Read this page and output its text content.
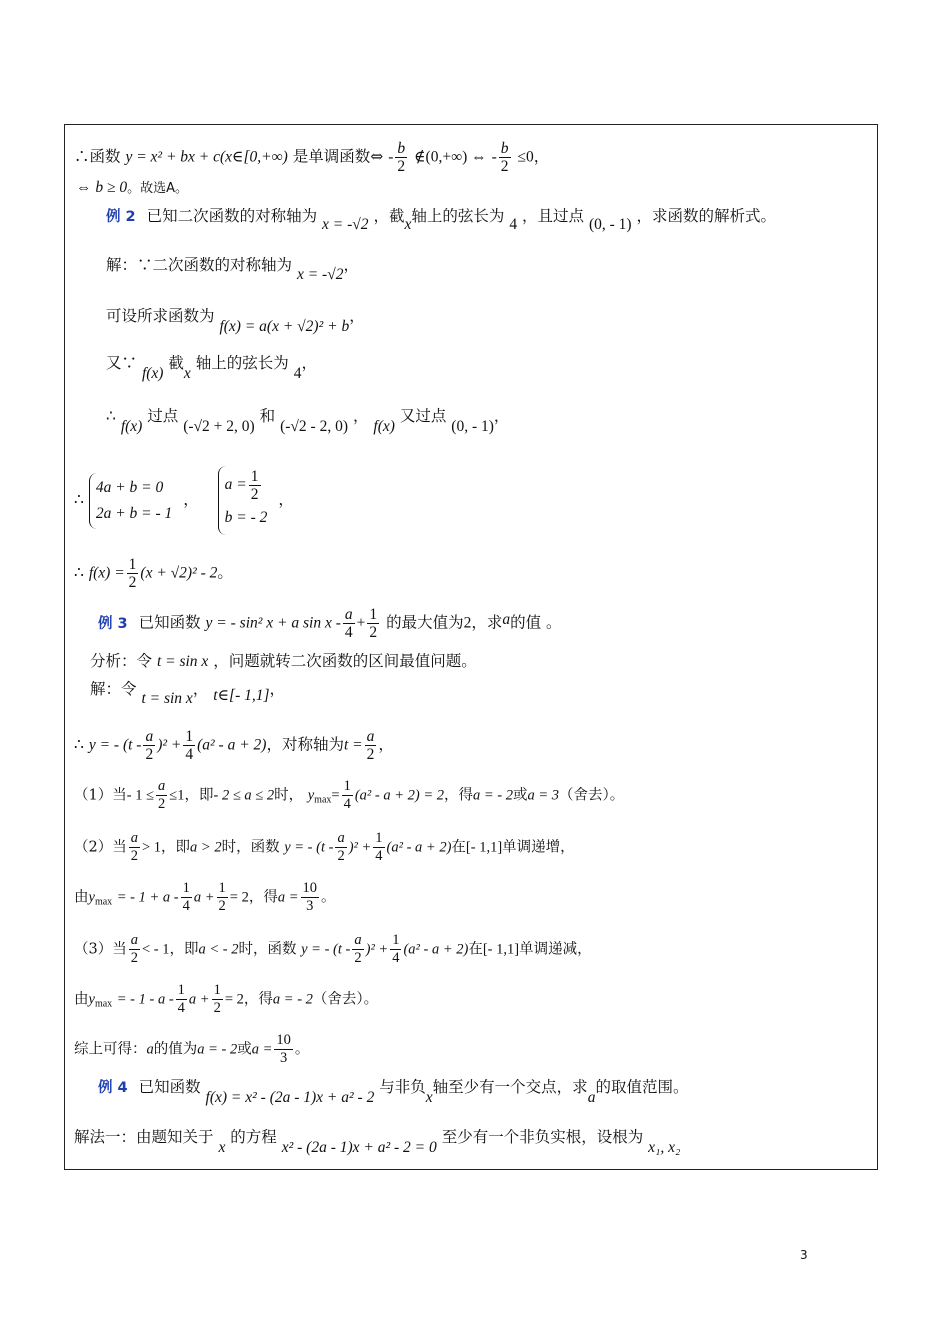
∴函数 y = x² + bx + c(x∈[0,+∞) 是单调函数⇔ - $\frac{b}{2}$ ∉(0,+∞) ⇔ - $\frac{b}{2} \le 0$，
⇔ b ≥ 0。故选A。
例 2 已知二次函数的对称轴为 x = -√2 ，截x轴上的弦长为 4 ，且过点 (0, - 1) ，求函数的解析式。
解：∵二次函数的对称轴为 x = -√2，
可设所求函数为 f(x) = a(x + √2)² + b，
又∵ f(x) 截x 轴上的弦长为 4，
∴ f(x) 过点 (-√2 + 2, 0) 和 (-√2 - 2, 0) ， f(x) 又过点 (0, - 1)，
∴
4a + b = 0
2a + b = - 1
，
$a = \frac{1}{2}$
b = - 2
，
∴ $f(x) = \frac{1}{2} (x + √2)^2 - 2$。
例 3 已知函数 y = - sin² x + a $\sin x - \frac{a}{4} + \frac{1}{2}$ 的最大值为2，求a的值 。
分析：令 t = sin x ，问题就转二次函数的区间最值问题。
解：令 t = sin x， t∈[- 1,1]，
∴ y = - $(t - \frac{a}{2} )^2 + \frac{1}{4} (a^2 - a + 2)$，对称轴为$t = \frac{a}{2}$ ，
（1）当- $1 \le \frac{a}{2} \le 1$，即- 2 ≤ a ≤ 2时， $y_{max}= \frac{1}{4} (a^2 - a + 2) = 2$，得a = - 2或a = 3（舍去）。
（2）当 $\frac{a}{2} > 1$，即a > 2时，函数 y = - $(t - \frac{a}{2} )^2 + \frac{1}{4} (a^2 - a + 2)$在[- 1,1]单调递增，
由$y_{max}$ = - $1 + a - \frac{1}{4}$ $a + \frac{1}{2} = 2$，得$a = \frac{10}{3}$ 。
（3）当 $\frac{a}{2}$ < - 1，即a < - 2时，函数 y = - $(t - \frac{a}{2} )^2 + \frac{1}{4} (a^2 - a + 2)$在[- 1,1]单调递减，
由$y_{max}$ = - 1 - a - $\frac{1}{4}$ $a + \frac{1}{2} = 2$，得a = - 2（舍去）。
综上可得：a的值为a = - 2或$a = \frac{10}{3}$ 。
例 4 已知函数 f(x) = x² - (2a - 1)x + a² - 2 与非负x轴至少有一个交点，求a的取值范围。
解法一：由题知关于 x 的方程 x² - (2a - 1)x + a² - 2 = 0 至少有一个非负实根，设根为 x₁, x₂
3
